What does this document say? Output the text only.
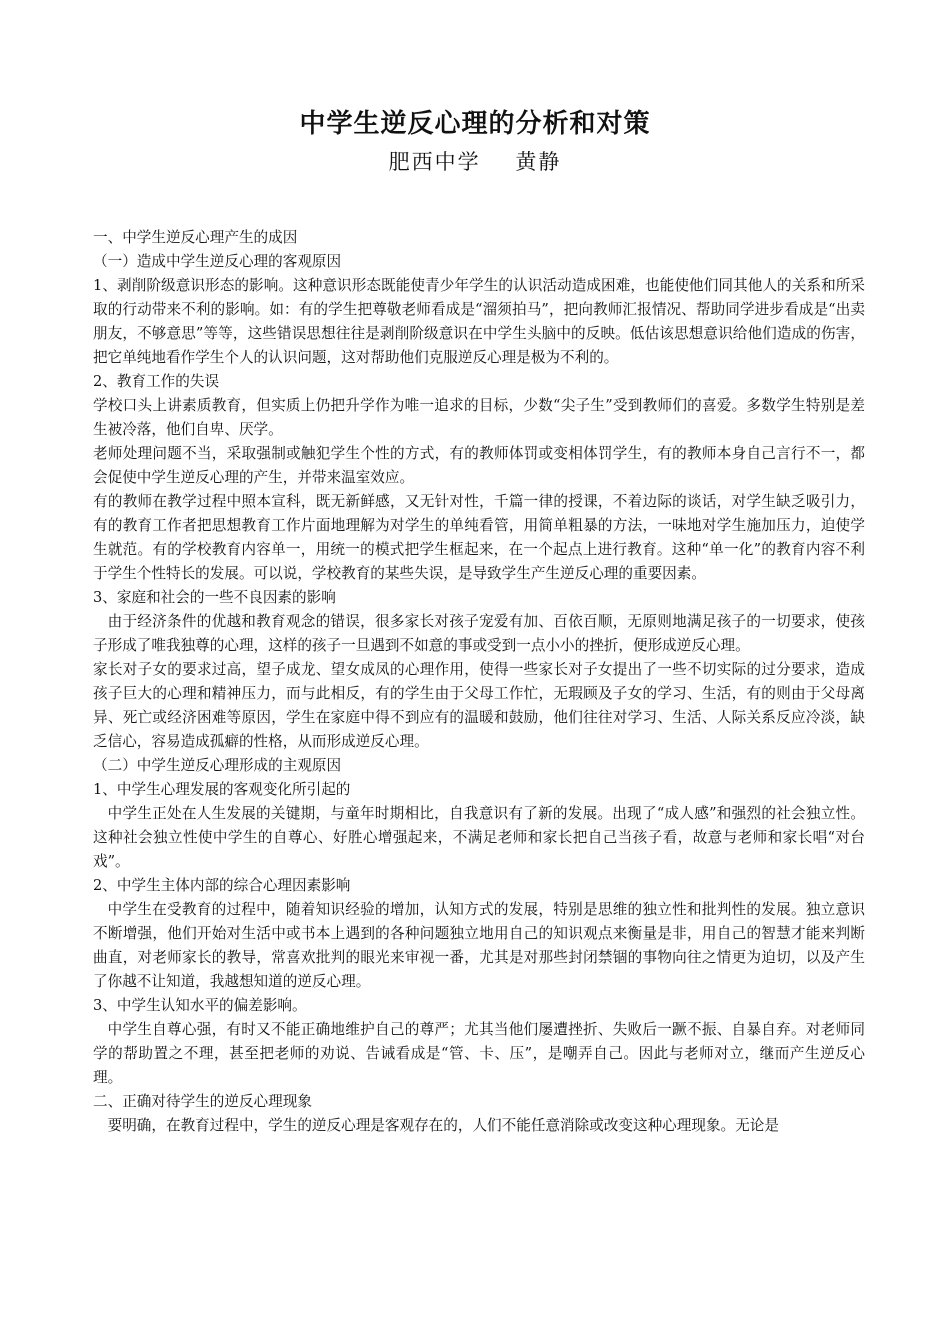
中学生逆反心理的分析和对策
肥西中学    黄静

一、中学生逆反心理产生的成因

（一）造成中学生逆反心理的客观原因

1、剥削阶级意识形态的影响。这种意识形态既能使青少年学生的认识活动造成困难，也能使他们同其他人的关系和所采取的行动带来不利的影响。如：有的学生把尊敬老师看成是“溜须拍马”，把向教师汇报情况、帮助同学进步看成是“出卖朋友，不够意思”等等，这些错误思想往往是剥削阶级意识在中学生头脑中的反映。低估该思想意识给他们造成的伤害，把它单纯地看作学生个人的认识问题，这对帮助他们克服逆反心理是极为不利的。

2、教育工作的失误

学校口头上讲素质教育，但实质上仍把升学作为唯一追求的目标，少数“尖子生”受到教师们的喜爱。多数学生特别是差生被冷落，他们自卑、厌学。

老师处理问题不当，采取强制或触犯学生个性的方式，有的教师体罚或变相体罚学生，有的教师本身自己言行不一，都会促使中学生逆反心理的产生，并带来温室效应。

有的教师在教学过程中照本宣科，既无新鲜感，又无针对性，千篇一律的授课，不着边际的谈话，对学生缺乏吸引力，有的教育工作者把思想教育工作片面地理解为对学生的单纯看管，用简单粗暴的方法，一味地对学生施加压力，迫使学生就范。有的学校教育内容单一，用统一的模式把学生框起来，在一个起点上进行教育。这种“单一化”的教育内容不利于学生个性特长的发展。可以说，学校教育的某些失误，是导致学生产生逆反心理的重要因素。

3、家庭和社会的一些不良因素的影响

由于经济条件的优越和教育观念的错误，很多家长对孩子宠爱有加、百依百顺，无原则地满足孩子的一切要求，使孩子形成了唯我独尊的心理，这样的孩子一旦遇到不如意的事或受到一点小小的挫折，便形成逆反心理。

家长对子女的要求过高，望子成龙、望女成凤的心理作用，使得一些家长对子女提出了一些不切实际的过分要求，造成孩子巨大的心理和精神压力，而与此相反，有的学生由于父母工作忙，无瑕顾及子女的学习、生活，有的则由于父母离异、死亡或经济困难等原因，学生在家庭中得不到应有的温暖和鼓励，他们往往对学习、生活、人际关系反应冷淡，缺乏信心，容易造成孤癖的性格，从而形成逆反心理。

（二）中学生逆反心理形成的主观原因

1、中学生心理发展的客观变化所引起的

中学生正处在人生发展的关键期，与童年时期相比，自我意识有了新的发展。出现了“成人感”和强烈的社会独立性。这种社会独立性使中学生的自尊心、好胜心增强起来，不满足老师和家长把自己当孩子看，故意与老师和家长唱“对台戏”。

2、中学生主体内部的综合心理因素影响

中学生在受教育的过程中，随着知识经验的增加，认知方式的发展，特别是思维的独立性和批判性的发展。独立意识不断增强，他们开始对生活中或书本上遇到的各种问题独立地用自己的知识观点来衡量是非，用自己的智慧才能来判断曲直，对老师家长的教导，常喜欢批判的眼光来审视一番，尤其是对那些封闭禁锢的事物向往之情更为迫切，以及产生了你越不让知道，我越想知道的逆反心理。

3、中学生认知水平的偏差影响。

中学生自尊心强，有时又不能正确地维护自己的尊严；尤其当他们屡遭挫折、失败后一蹶不振、自暴自弃。对老师同学的帮助置之不理，甚至把老师的劝说、告诫看成是“管、卡、压”，是嘲弄自己。因此与老师对立，继而产生逆反心理。

二、正确对待学生的逆反心理现象

要明确，在教育过程中，学生的逆反心理是客观存在的，人们不能任意消除或改变这种心理现象。无论是
